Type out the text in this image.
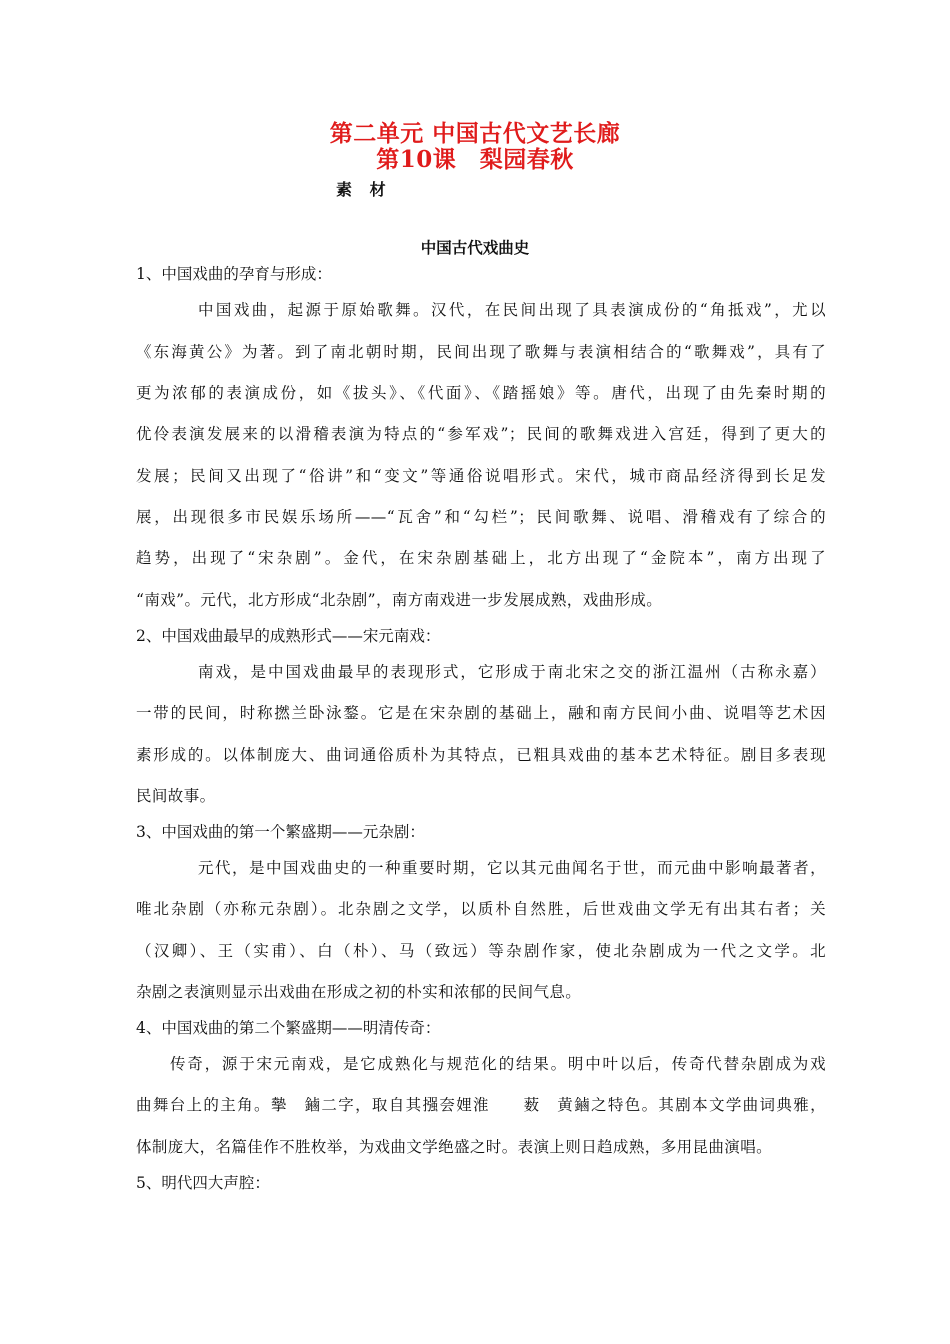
第二单元 中国古代文艺长廊
第10课　梨园春秋
素 材
中国古代戏曲史
1、中国戏曲的孕育与形成：
中国戏曲，起源于原始歌舞。汉代，在民间出现了具表演成份的“角抵戏”，尤以
《东海黄公》为著。到了南北朝时期，民间出现了歌舞与表演相结合的“歌舞戏”，具有了
更为浓郁的表演成份，如《拔头》、《代面》、《踏摇娘》等。唐代，出现了由先秦时期的
优伶表演发展来的以滑稽表演为特点的“参军戏”；民间的歌舞戏进入宫廷，得到了更大的
发展；民间又出现了“俗讲”和“变文”等通俗说唱形式。宋代，城市商品经济得到长足发
展，出现很多市民娱乐场所——“瓦舍”和“勾栏”；民间歌舞、说唱、滑稽戏有了综合的
趋势，出现了“宋杂剧”。金代，在宋杂剧基础上，北方出现了“金院本”，南方出现了
“南戏”。元代，北方形成“北杂剧”，南方南戏进一步发展成熟，戏曲形成。
2、中国戏曲最早的成熟形式——宋元南戏：
南戏，是中国戏曲最早的表现形式，它形成于南北宋之交的浙江温州（古称永嘉）
一带的民间，时称撚兰卧泳鍪。它是在宋杂剧的基础上，融和南方民间小曲、说唱等艺术因
素形成的。以体制庞大、曲词通俗质朴为其特点，已粗具戏曲的基本艺术特征。剧目多表现
民间故事。
3、中国戏曲的第一个繁盛期——元杂剧：
元代，是中国戏曲史的一种重要时期，它以其元曲闻名于世，而元曲中影响最著者，
唯北杂剧（亦称元杂剧）。北杂剧之文学，以质朴自然胜，后世戏曲文学无有出其右者；关
（汉卿）、王（实甫）、白（朴）、马（致远）等杂剧作家，使北杂剧成为一代之文学。北
杂剧之表演则显示出戏曲在形成之初的朴实和浓郁的民间气息。
4、中国戏曲的第二个繁盛期——明清传奇：
传奇，源于宋元南戏，是它成熟化与规范化的结果。明中叶以后，传奇代替杂剧成为戏
曲舞台上的主角。摰　鏀二字，取自其摾夽娌淮　　薮　黄鏀之特色。其剧本文学曲词典雅，
体制庞大，名篇佳作不胜枚举，为戏曲文学绝盛之时。表演上则日趋成熟，多用昆曲演唱。
5、明代四大声腔：
